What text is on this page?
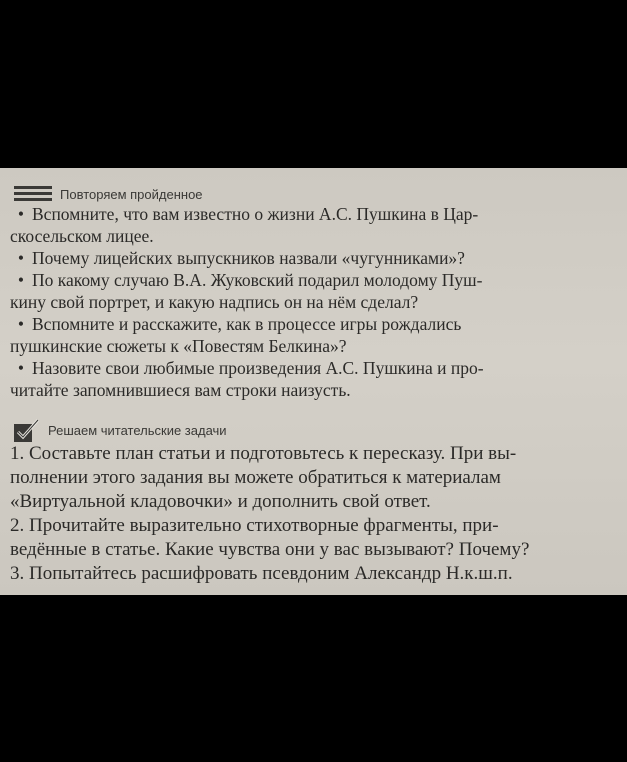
Повторяем пройденное
• Вспомните, что вам известно о жизни А.С. Пушкина в Цар-
скосельском лицее.
• Почему лицейских выпускников назвали «чугунниками»?
• По какому случаю В.А. Жуковский подарил молодому Пуш-
кину свой портрет, и какую надпись он на нём сделал?
• Вспомните и расскажите, как в процессе игры рождались
пушкинские сюжеты к «Повестям Белкина»?
• Назовите свои любимые произведения А.С. Пушкина и про-
читайте запомнившиеся вам строки наизусть.
Решаем читательские задачи
1. Составьте план статьи и подготовьтесь к пересказу. При вы-
полнении этого задания вы можете обратиться к материалам
«Виртуальной кладовочки» и дополнить свой ответ.
2. Прочитайте выразительно стихотворные фрагменты, при-
ведённые в статье. Какие чувства они у вас вызывают? Почему?
3. Попытайтесь расшифровать псевдоним Александр Н.к.ш.п.
